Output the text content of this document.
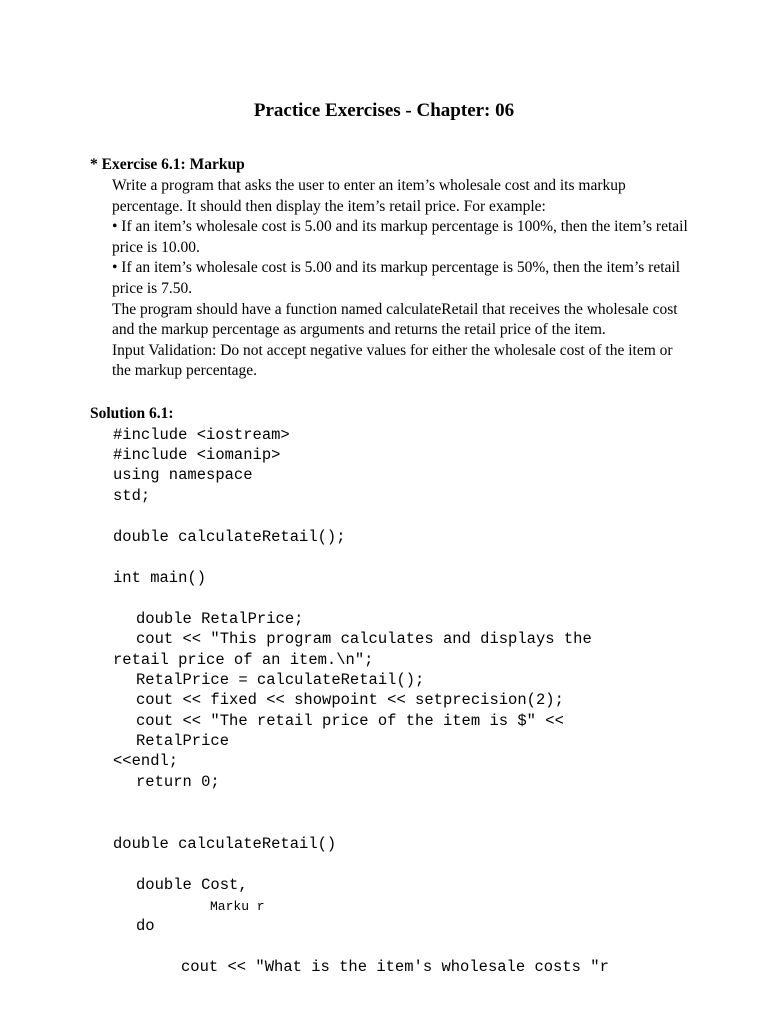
Practice Exercises - Chapter: 06
* Exercise 6.1: Markup

Write a program that asks the user to enter an item’s wholesale cost and its markup percentage. It should then display the item’s retail price. For example:

• If an item’s wholesale cost is 5.00 and its markup percentage is 100%, then the item’s retail price is 10.00.

• If an item’s wholesale cost is 5.00 and its markup percentage is 50%, then the item’s retail price is 7.50.

The program should have a function named calculateRetail that receives the wholesale cost and the markup percentage as arguments and returns the retail price of the item.

Input Validation: Do not accept negative values for either the wholesale cost of the item or the markup percentage.

Solution 6.1:
#include <iostream>
#include <iomanip>
using namespace
std;
double calculateRetail();
int main()
double RetalPrice;
cout << "This program calculates and displays the
retail price of an item.\n";
RetalPrice = calculateRetail();
cout << fixed << showpoint << setprecision(2);
cout << "The retail price of the item is $" <<
RetalPrice
<<endl;
return 0;
double calculateRetail()
double Cost,
Marku r
do
cout << "What is the item's wholesale costs "r
